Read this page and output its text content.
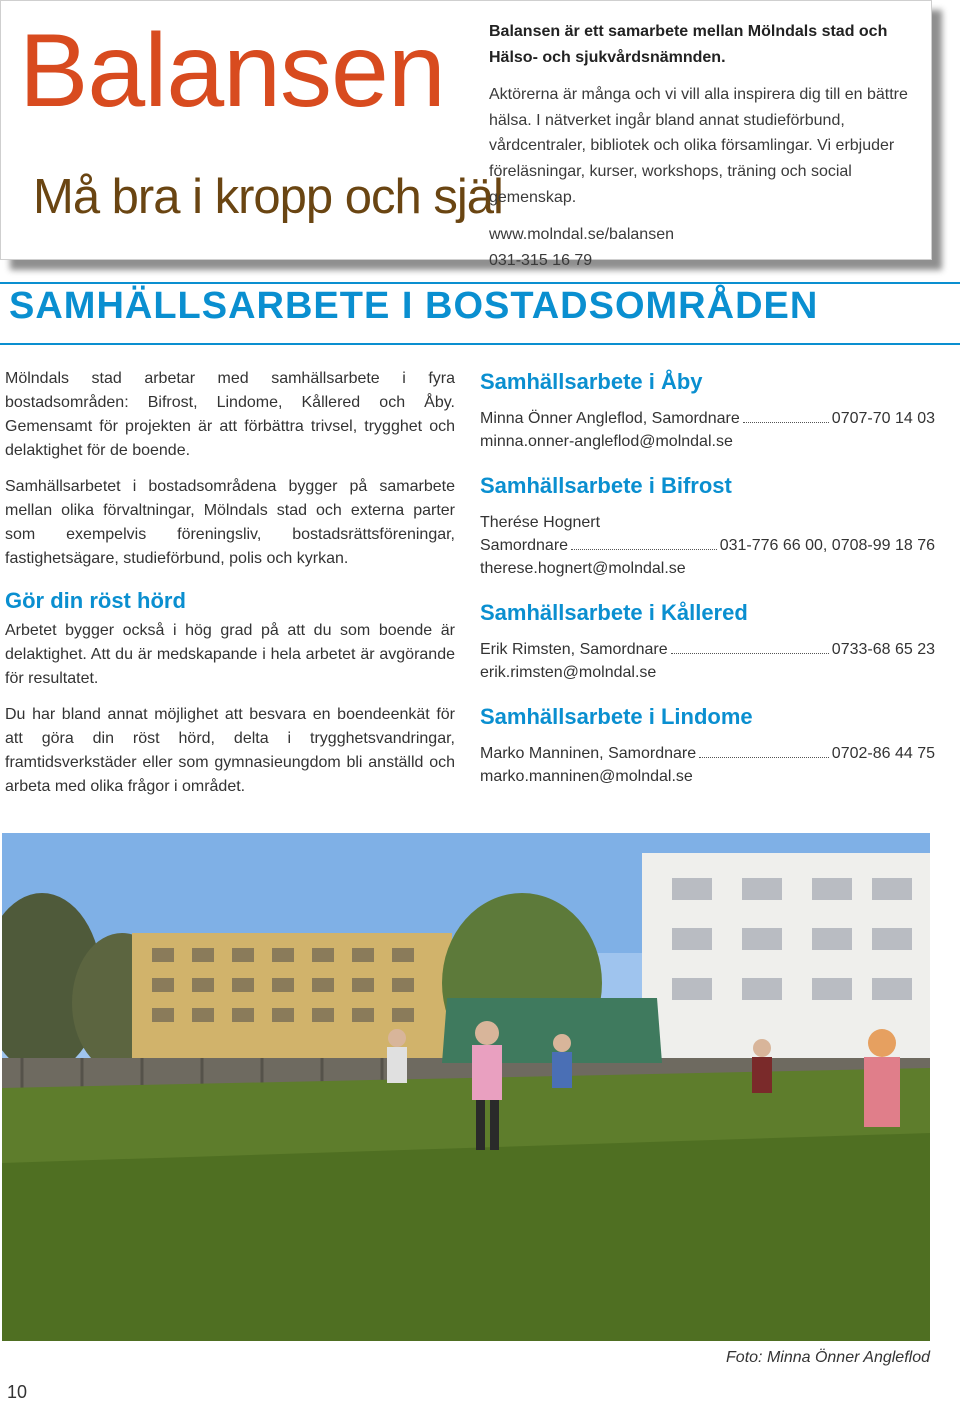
Balansen
Må bra i kropp och själ

Balansen är ett samarbete mellan Mölndals stad och Hälso- och sjukvårdsnämnden.

Aktörerna är många och vi vill alla inspirera dig till en bättre hälsa. I nätverket ingår bland annat studieförbund, vårdcentraler, bibliotek och olika församlingar. Vi erbjuder föreläsningar, kurser, workshops, träning och social gemenskap.

www.molndal.se/balansen

031-315 16 79

SAMHÄLLSARBETE I BOSTADSOMRÅDEN

Mölndals stad arbetar med samhällsarbete i fyra bostadsområden: Bifrost, Lindome, Kållered och Åby. Gemensamt för projekten är att förbättra trivsel, trygghet och delaktighet för de boende.

Samhällsarbetet i bostadsområdena bygger på samarbete mellan olika förvaltningar, Mölndals stad och externa parter som exempelvis föreningsliv, bostadsrättsföreningar, fastighetsägare, studieförbund, polis och kyrkan.

Gör din röst hörd

Arbetet bygger också i hög grad på att du som boende är delaktighet. Att du är medskapande i hela arbetet är avgörande för resultatet.

Du har bland annat möjlighet att besvara en boendeenkät för att göra din röst hörd, delta i trygghetsvandringar, framtidsverkstäder eller som gymnasieungdom bli anställd och arbeta med olika frågor i området.

Samhällsarbete i Åby
Minna Önner Angleflod, Samordnare	0707-70 14 03
minna.onner-angleflod@molndal.se
Samhällsarbete i Bifrost
Therése Hognert
Samordnare	031-776 66 00, 0708-99 18 76
therese.hognert@molndal.se
Samhällsarbete i Kållered
Erik Rimsten, Samordnare	0733-68 65 23
erik.rimsten@molndal.se
Samhällsarbete i Lindome
Marko Manninen, Samordnare	0702-86 44 75
marko.manninen@molndal.se
Foto: Minna Önner Angleflod
10
